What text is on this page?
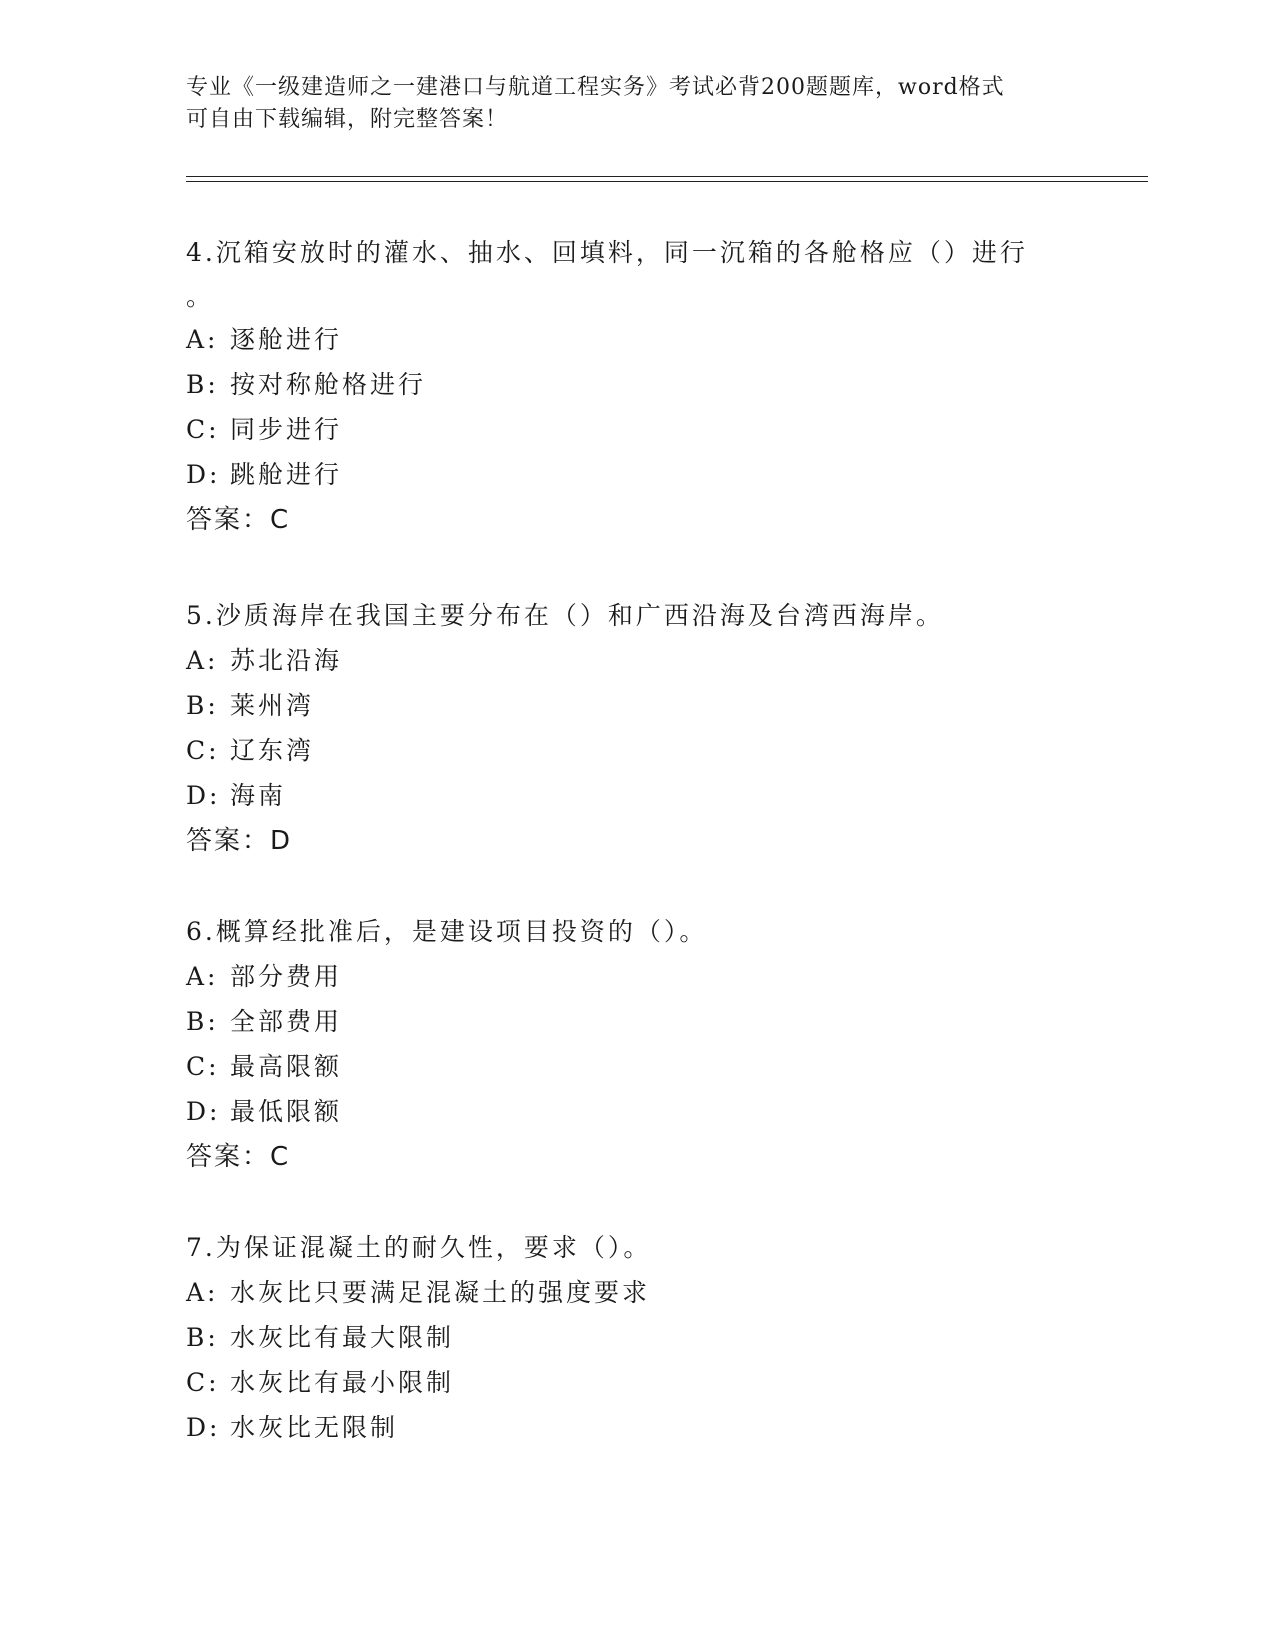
专业《一级建造师之一建港口与航道工程实务》考试必背200题题库，word格式
可自由下载编辑，附完整答案！

4.沉箱安放时的灌水、抽水、回填料，同一沉箱的各舱格应（）进行
。

A: 逐舱进行
B: 按对称舱格进行
C: 同步进行
D: 跳舱进行
答案：C

5.沙质海岸在我国主要分布在（）和广西沿海及台湾西海岸。

A: 苏北沿海
B: 莱州湾
C: 辽东湾
D: 海南
答案：D

6.概算经批准后，是建设项目投资的（）。

A: 部分费用
B: 全部费用
C: 最高限额
D: 最低限额
答案：C

7.为保证混凝土的耐久性，要求（）。

A: 水灰比只要满足混凝土的强度要求
B: 水灰比有最大限制
C: 水灰比有最小限制
D: 水灰比无限制
